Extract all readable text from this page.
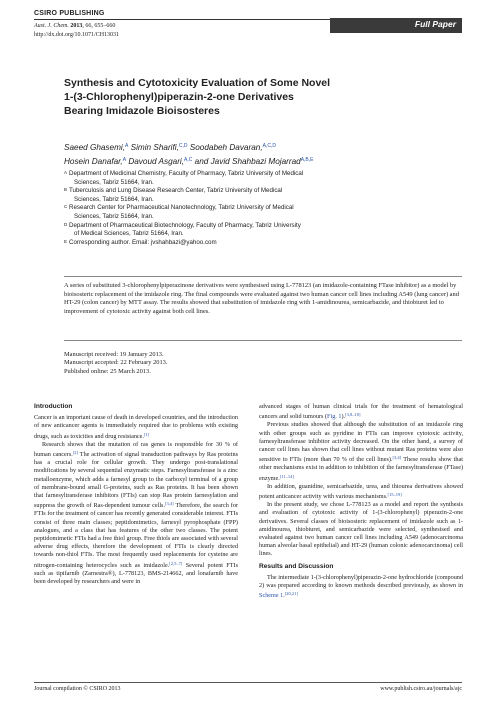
CSIRO PUBLISHING
Aust. J. Chem. 2013, 66, 655–660
http://dx.doi.org/10.1071/CH13031
Full Paper
Synthesis and Cytotoxicity Evaluation of Some Novel
1-(3-Chlorophenyl)piperazin-2-one Derivatives
Bearing Imidazole Bioisosteres
Saeed Ghasemi,$^A$ Simin Sharifi,$^{C,D}$ Soodabeh Davaran,$^{A,C,D}$
Hosein Danafar,$^A$ Davoud Asgari,$^{A,C}$ and Javid Shahbazi Mojarrad$^{A,B,E}$
A Department of Medicinal Chemistry, Faculty of Pharmacy, Tabriz University of Medical
Sciences, Tabriz 51664, Iran.
B Tuberculosis and Lung Disease Research Center, Tabriz University of Medical
Sciences, Tabriz 51664, Iran.
C Research Center for Pharmaceutical Nanotechnology, Tabriz University of Medical
Sciences, Tabriz 51664, Iran.
D Department of Pharmaceutical Biotechnology, Faculty of Pharmacy, Tabriz University
of Medical Sciences, Tabriz 51664, Iran.
E Corresponding author. Email: jvshahbazi@yahoo.com
A series of substituted 3-chlorophenylpiperazinone derivatives were synthesised using L-778123 (an imidazole-containing FTase inhibitor) as a model by bioisosteric replacement of the imidazole ring. The final compounds were evaluated against two human cancer cell lines including A549 (lung cancer) and HT-29 (colon cancer) by MTT assay. The results showed that substitution of imidazole ring with 1-amidinourea, semicarbazide, and thiobiuret led to improvement of cytotoxic activity against both cell lines.
Manuscript received: 19 January 2013.
Manuscript accepted: 22 February 2013.
Published online: 25 March 2013.
Introduction

Cancer is an important cause of death in developed countries, and the introduction of new anticancer agents is immediately required due to problems with existing drugs, such as toxicities and drug resistance.[1]

Research shows that the mutation of ras genes is responsible for 30 % of human cancers.[2] The activation of signal transduction pathways by Ras proteins has a crucial role for cellular growth. They undergo post-translational modifications by several sequential enzymatic steps. Farnesyltransferase is a zinc metalloenzyme, which adds a farnesyl group to the carboxyl terminal of a group of membrane-bound small G-proteins, such as Ras proteins. It has been shown that farnesyltransferase inhibitors (FTIs) can stop Ras protein farnesylation and suppress the growth of Ras-dependent tumour cells.[3,4] Therefore, the search for FTIs for the treatment of cancer has recently generated considerable interest. FTIs consist of three main classes; peptidomimetics, farnesyl pyrophosphate (FPP) analogues, and a class that has features of the other two classes. The potent peptidomimetic FTIs had a free thiol group. Free thiols are associated with several adverse drug effects, therefore the development of FTIs is clearly directed towards non-thiol FTIs. The most frequently used replacements for cysteine are nitrogen-containing heterocycles such as imidazole.[2,5–7] Several potent FTIs such as tipifarnib (Zarnestra®), L-778123, BMS-214662, and lonafarnib have been developed by researchers and were in

advanced stages of human clinical trials for the treatment of hematological cancers and solid tumours (Fig. 1).[3,8–10]

Previous studies showed that although the substitution of an imidazole ring with other groups such as pyridine in FTIs can improve cytotoxic activity, farnesyltransferase inhibitor activity decreased. On the other hand, a survey of cancer cell lines has shown that cell lines without mutant Ras proteins were also sensitive to FTIs (more than 70 % of the cell lines).[3,4] These results show that other mechanisms exist in addition to inhibition of the farnesyltransferase (FTase) enzyme.[11–14]

In addition, guanidine, semicarbazide, urea, and thiourea derivatives showed potent anticancer activity with various mechanisms.[15–19]

In the present study, we chose L-778123 as a model and report the synthesis and evaluation of cytotoxic activity of 1-(3-chlorophenyl) piperazin-2-one derivatives. Several classes of bioisosteric replacement of imidazole such as 1-amidinourea, thiobiuret, and semicarbazide were selected, synthesised and evaluated against two human cancer cell lines including A549 (adenocarcinoma human alveolar basal epithelial) and HT-29 (human colonic adenocarcinoma) cell lines.

Results and Discussion

The intermediate 1-(3-chlorophenyl)piperazin-2-one hydrochloride (compound 2) was prepared according to known methods described previously, as shown in Scheme 1.[20,21]

Journal compilation © CSIRO 2013	www.publish.csiro.au/journals/ajc
